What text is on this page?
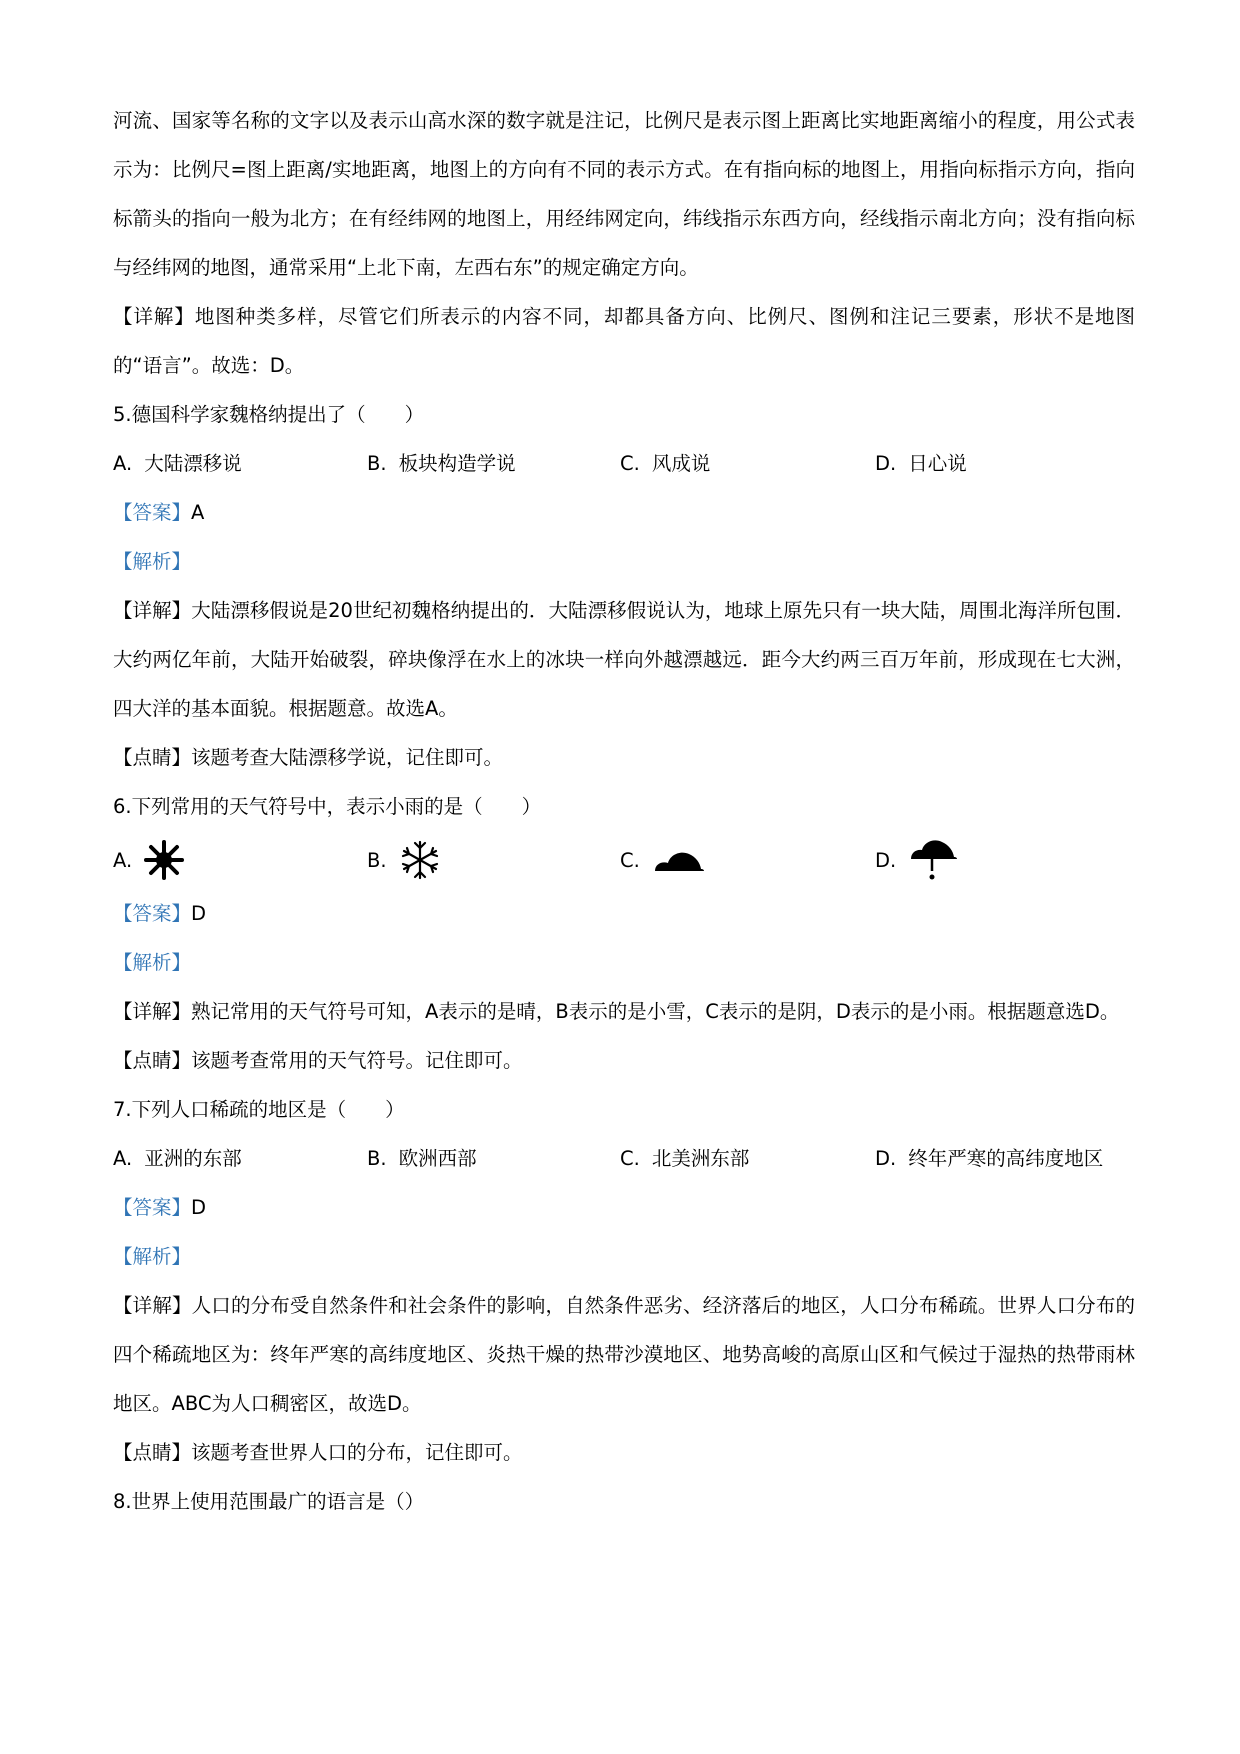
河流、国家等名称的文字以及表示山高水深的数字就是注记，比例尺是表示图上距离比实地距离缩小的程度，用公式表示为：比例尺=图上距离/实地距离，地图上的方向有不同的表示方式。在有指向标的地图上，用指向标指示方向，指向标箭头的指向一般为北方；在有经纬网的地图上，用经纬网定向，纬线指示东西方向，经线指示南北方向；没有指向标与经纬网的地图，通常采用“上北下南，左西右东”的规定确定方向。

【详解】地图种类多样，尽管它们所表示的内容不同，却都具备方向、比例尺、图例和注记三要素，形状不是地图的“语言”。故选：D。

5.德国科学家魏格纳提出了（　　）

A. 大陆漂移说	B. 板块构造学说	C. 风成说	D. 日心说

【答案】A

【解析】

【详解】大陆漂移假说是20世纪初魏格纳提出的．大陆漂移假说认为，地球上原先只有一块大陆，周围北海洋所包围．大约两亿年前，大陆开始破裂，碎块像浮在水上的冰块一样向外越漂越远．距今大约两三百万年前，形成现在七大洲，四大洋的基本面貌。根据题意。故选A。

【点睛】该题考查大陆漂移学说，记住即可。

6.下列常用的天气符号中，表示小雨的是（　　）

A.	B.	C.	D.

【答案】D

【解析】

【详解】熟记常用的天气符号可知，A表示的是晴，B表示的是小雪，C表示的是阴，D表示的是小雨。根据题意选D。

【点睛】该题考查常用的天气符号。记住即可。

7.下列人口稀疏的地区是（　　）

A. 亚洲的东部	B. 欧洲西部	C. 北美洲东部	D. 终年严寒的高纬度地区

【答案】D

【解析】

【详解】人口的分布受自然条件和社会条件的影响，自然条件恶劣、经济落后的地区，人口分布稀疏。世界人口分布的四个稀疏地区为：终年严寒的高纬度地区、炎热干燥的热带沙漠地区、地势高峻的高原山区和气候过于湿热的热带雨林地区。ABC为人口稠密区，故选D。

【点睛】该题考查世界人口的分布，记住即可。

8.世界上使用范围最广的语言是（）
